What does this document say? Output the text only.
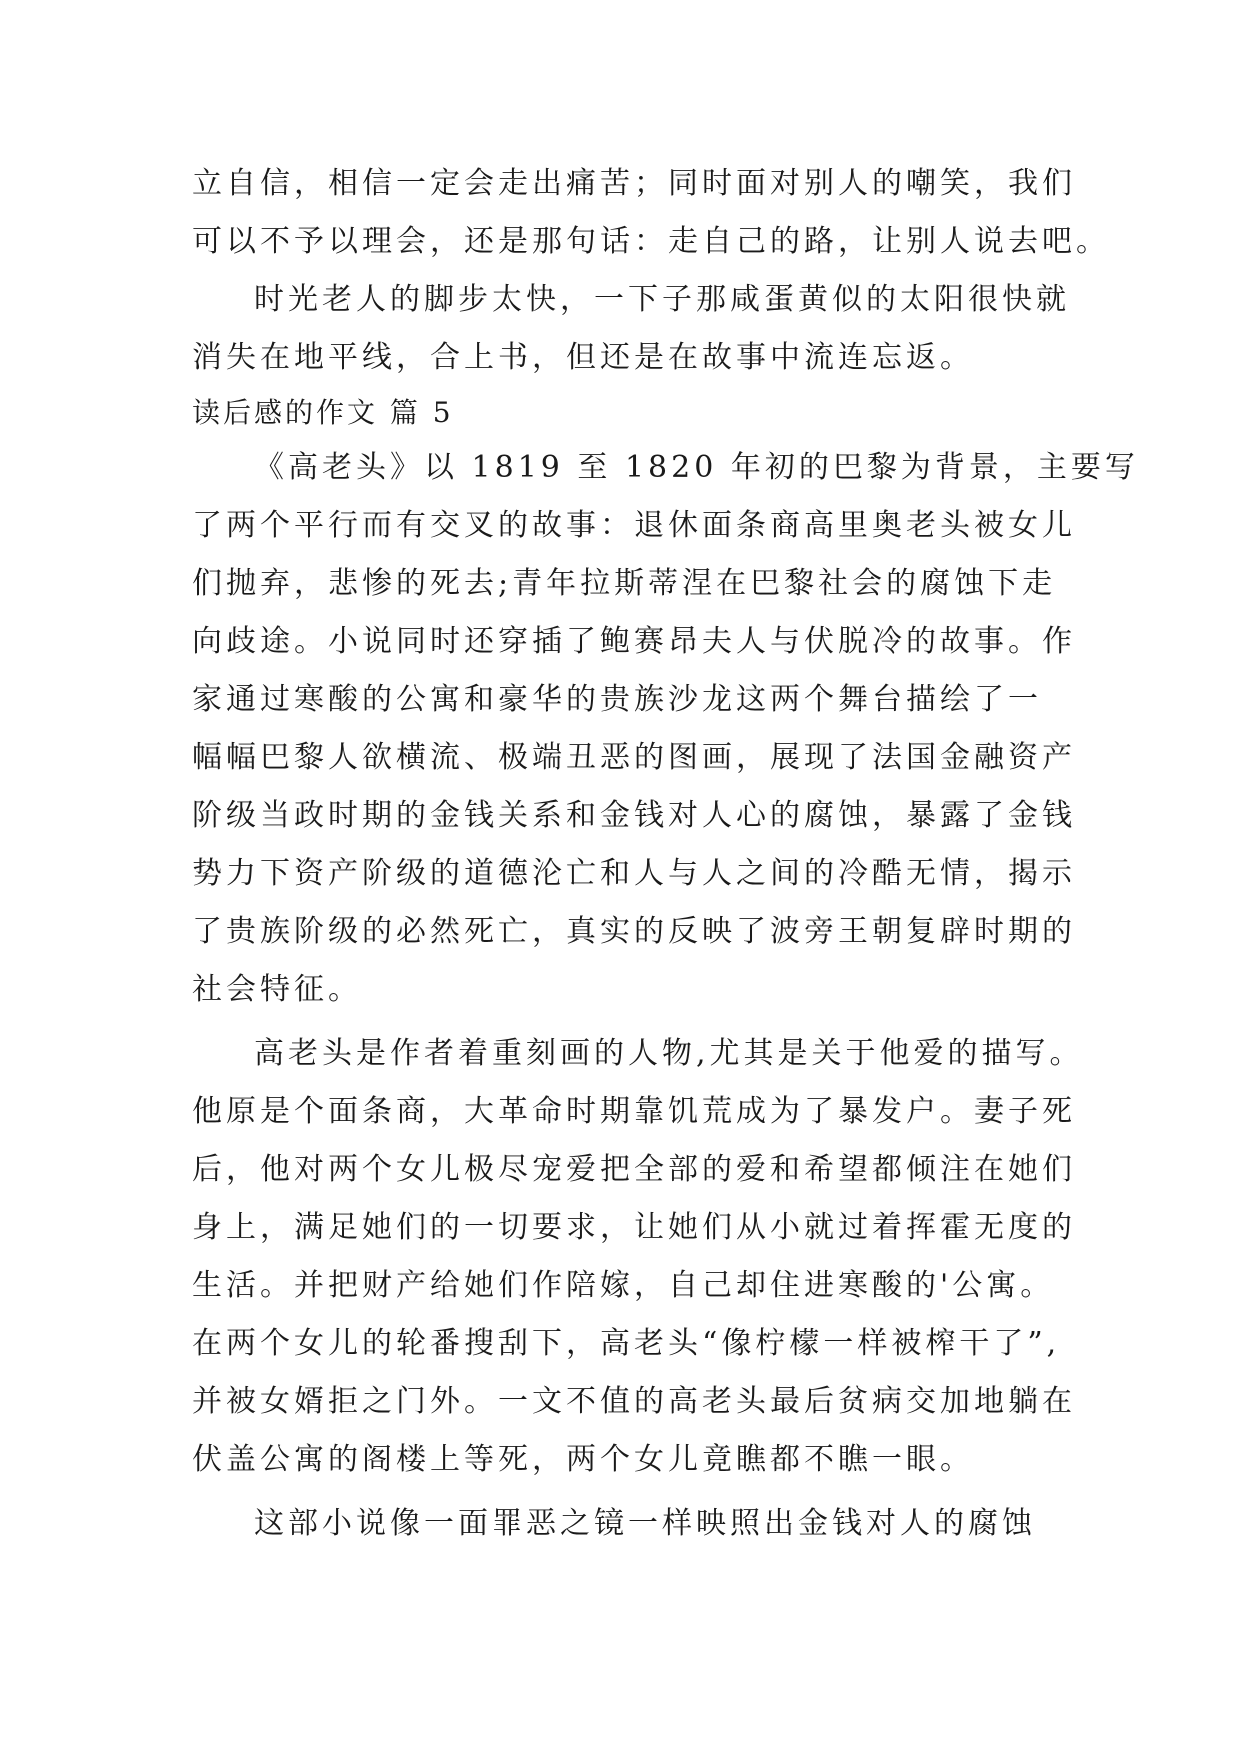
立自信，相信一定会走出痛苦；同时面对别人的嘲笑，我们
可以不予以理会，还是那句话：走自己的路，让别人说去吧。
时光老人的脚步太快，一下子那咸蛋黄似的太阳很快就
消失在地平线，合上书，但还是在故事中流连忘返。
读后感的作文 篇 5
《高老头》以 1819 至 1820 年初的巴黎为背景，主要写
了两个平行而有交叉的故事：退休面条商高里奥老头被女儿
们抛弃，悲惨的死去;青年拉斯蒂涅在巴黎社会的腐蚀下走
向歧途。小说同时还穿插了鲍赛昂夫人与伏脱冷的故事。作
家通过寒酸的公寓和豪华的贵族沙龙这两个舞台描绘了一
幅幅巴黎人欲横流、极端丑恶的图画，展现了法国金融资产
阶级当政时期的金钱关系和金钱对人心的腐蚀，暴露了金钱
势力下资产阶级的道德沦亡和人与人之间的冷酷无情，揭示
了贵族阶级的必然死亡，真实的反映了波旁王朝复辟时期的
社会特征。
高老头是作者着重刻画的人物,尤其是关于他爱的描写。
他原是个面条商，大革命时期靠饥荒成为了暴发户。妻子死
后，他对两个女儿极尽宠爱把全部的爱和希望都倾注在她们
身上，满足她们的一切要求，让她们从小就过着挥霍无度的
生活。并把财产给她们作陪嫁，自己却住进寒酸的'公寓。
在两个女儿的轮番搜刮下，高老头“像柠檬一样被榨干了”,
并被女婿拒之门外。一文不值的高老头最后贫病交加地躺在
伏盖公寓的阁楼上等死，两个女儿竟瞧都不瞧一眼。
这部小说像一面罪恶之镜一样映照出金钱对人的腐蚀
